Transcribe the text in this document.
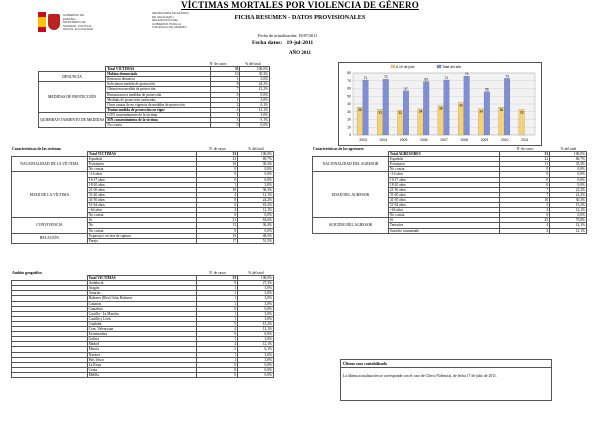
VÍCTIMAS MORTALES POR VIOLENCIA DE GÉNERO
GOBIERNO DE ESPAÑA | MINISTERIO DE SANIDAD, POLÍTICA SOCIAL E IGUALDAD
SECRETARÍA DE ESTADO DE IGUALDAD | DELEGACIÓN DEL GOBIERNO PARA LA VIOLENCIA DE GÉNERO
FICHA RESUMEN - DATOS PROVISIONALES
Fecha de actualización: 19/07/2011
Fecha datos: 19-jul-2011
AÑO 2011
		Nº de casos	% del total
	Total VÍCTIMAS	33	100,0%
DENUNCIA	Habían denunciado	10	30,3%
	Retiraron denuncia	1	3,0%
MEDIDAS DE PROTECCIÓN	Solicitaron medida de protección	8	24,2%
	Obtuvieron medida de protección	7	21,2%
	Renunciaron a medidas de protección	0	0,0%
	Medidas de protección caducadas	1	3,0%
	Otras causas de no vigencia de medidas de protección	2	6,1%
	Tenían medida de protección en vigor	4	12,1%

QUIEBRAN TAMIENTO DE MEDIDAS	CON consentimiento de la víctima	1	3,0%
	SIN consentimiento de la víctima	3	9,1%
	No consta	0	0,0%
0
10
20
30
40
50
60
70
80
A 19 de julio	Total del año
36
71
2003
33
72
2004
32
57
2005
34
69
2006
38
71
2007
42
76
2008
34
56
2009
36
73
2010
33
2011
Características de las víctimas	Nº de casos	% del total
	Total VÍCTIMAS	33	100,0%
NACIONALIDAD DE LA VÍCTIMA	Española	23	69,7%
	Extranjera	10	30,3%
	No consta	0	0,0%
EDAD DE LA VÍCTIMA	<16 años	0	0,0%
	16-17 años	0	0,0%
	18-20 años	1	3,0%
	21-30 años	10	30,3%
	31-40 años	4	12,1%
	41-50 años	8	24,2%
	51-64 años	6	18,2%
	>64 años	4	12,1%
	No consta	0	0,0%
CONVIVENCIA	Sí	21	63,6%
	No	12	36,4%
	No consta	0	0,0%
RELACIÓN	Expareja o en fase de ruptura	16	48,5%
	Pareja	17	51,5%
Características de los agresores	Nº de casos	% del total
	Total AGRESORES	33	100,0%
NACIONALIDAD DEL AGRESOR	Española	22	66,7%
	Extranjera	11	33,3%
	No consta	0	0,0%
EDAD DEL AGRESOR	<16 años	0	0,0%
	16-17 años	0	0,0%
	18-20 años	0	0,0%
	21-30 años	7	21,2%
	31-40 años	7	21,2%
	41-50 años	10	30,3%
	51-64 años	5	15,2%
	>64 años	4	12,1%
	No consta	0	0,0%
SUICIDIO DEL AGRESOR	Sí	25	75,8%
	Tentativa	4	12,1%
	Suicidio consumado	4	12,1%
Ámbito geográfico	Nº de casos	% del total
	Total VÍCTIMAS	33	100,0%
	Andalucía	9	27,3%
	Aragón	1	3,0%
	Asturias	1	3,0%
	Baleares (Illes)/ Islas Baleares	1	3,0%
	Canarias	1	3,0%
	Cantabria	0	0,0%
	Castilla - La Mancha	1	3,0%
	Castilla y León	1	3,0%
	Cataluña	5	15,2%
	Com. Valenciana	4	12,1%
	Extremadura	0	0,0%
	Galicia	1	3,0%
	Madrid	4	12,1%
	Murcia	2	6,1%
	Navarra	1	3,0%
	País Vasco	1	3,0%
	La Rioja	0	0,0%
	Ceuta	0	0,0%
	Melilla	0	0,0%
Último caso contabilizado
La última actualización se corresponde con el caso de Chiva (Valencia), de fecha 17 de julio de 2011.
